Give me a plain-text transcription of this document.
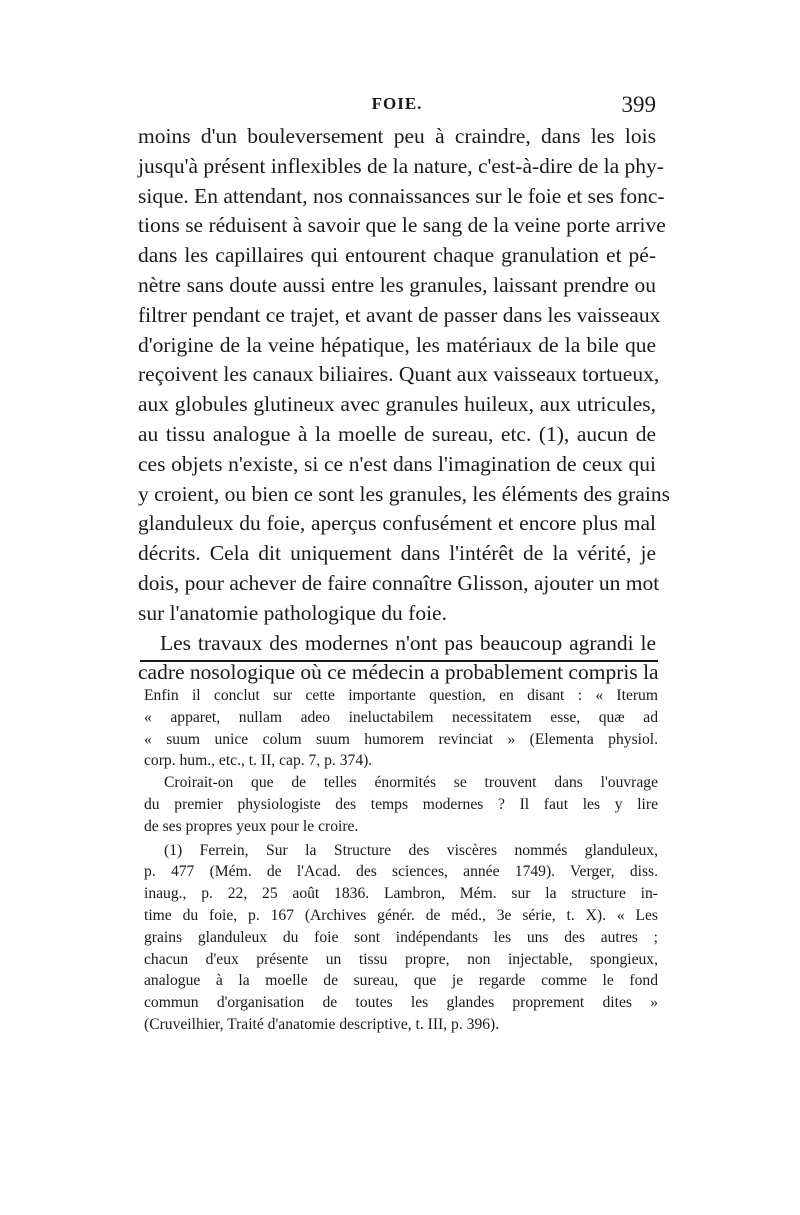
FOIE.	399
moins d'un bouleversement peu à craindre, dans les lois
jusqu'à présent inflexibles de la nature, c'est-à-dire de la phy-
sique. En attendant, nos connaissances sur le foie et ses fonc-
tions se réduisent à savoir que le sang de la veine porte arrive
dans les capillaires qui entourent chaque granulation et pé-
nètre sans doute aussi entre les granules, laissant prendre ou
filtrer pendant ce trajet, et avant de passer dans les vaisseaux
d'origine de la veine hépatique, les matériaux de la bile que
reçoivent les canaux biliaires. Quant aux vaisseaux tortueux,
aux globules glutineux avec granules huileux, aux utricules,
au tissu analogue à la moelle de sureau, etc. (1), aucun de
ces objets n'existe, si ce n'est dans l'imagination de ceux qui
y croient, ou bien ce sont les granules, les éléments des grains
glanduleux du foie, aperçus confusément et encore plus mal
décrits. Cela dit uniquement dans l'intérêt de la vérité, je
dois, pour achever de faire connaître Glisson, ajouter un mot
sur l'anatomie pathologique du foie.
Les travaux des modernes n'ont pas beaucoup agrandi le
cadre nosologique où ce médecin a probablement compris la
Enfin il conclut sur cette importante question, en disant : « Iterum
« apparet, nullam adeo ineluctabilem necessitatem esse, quæ ad
« suum unice colum suum humorem revinciat » (Elementa physiol.
corp. hum., etc., t. II, cap. 7, p. 374).
Croirait-on que de telles énormités se trouvent dans l'ouvrage
du premier physiologiste des temps modernes ? Il faut les y lire
de ses propres yeux pour le croire.
(1) Ferrein, Sur la Structure des viscères nommés glanduleux,
p. 477 (Mém. de l'Acad. des sciences, année 1749). Verger, diss.
inaug., p. 22, 25 août 1836. Lambron, Mém. sur la structure in-
time du foie, p. 167 (Archives génér. de méd., 3e série, t. X). « Les
grains glanduleux du foie sont indépendants les uns des autres ;
chacun d'eux présente un tissu propre, non injectable, spongieux,
analogue à la moelle de sureau, que je regarde comme le fond
commun d'organisation de toutes les glandes proprement dites »
(Cruveilhier, Traité d'anatomie descriptive, t. III, p. 396).
